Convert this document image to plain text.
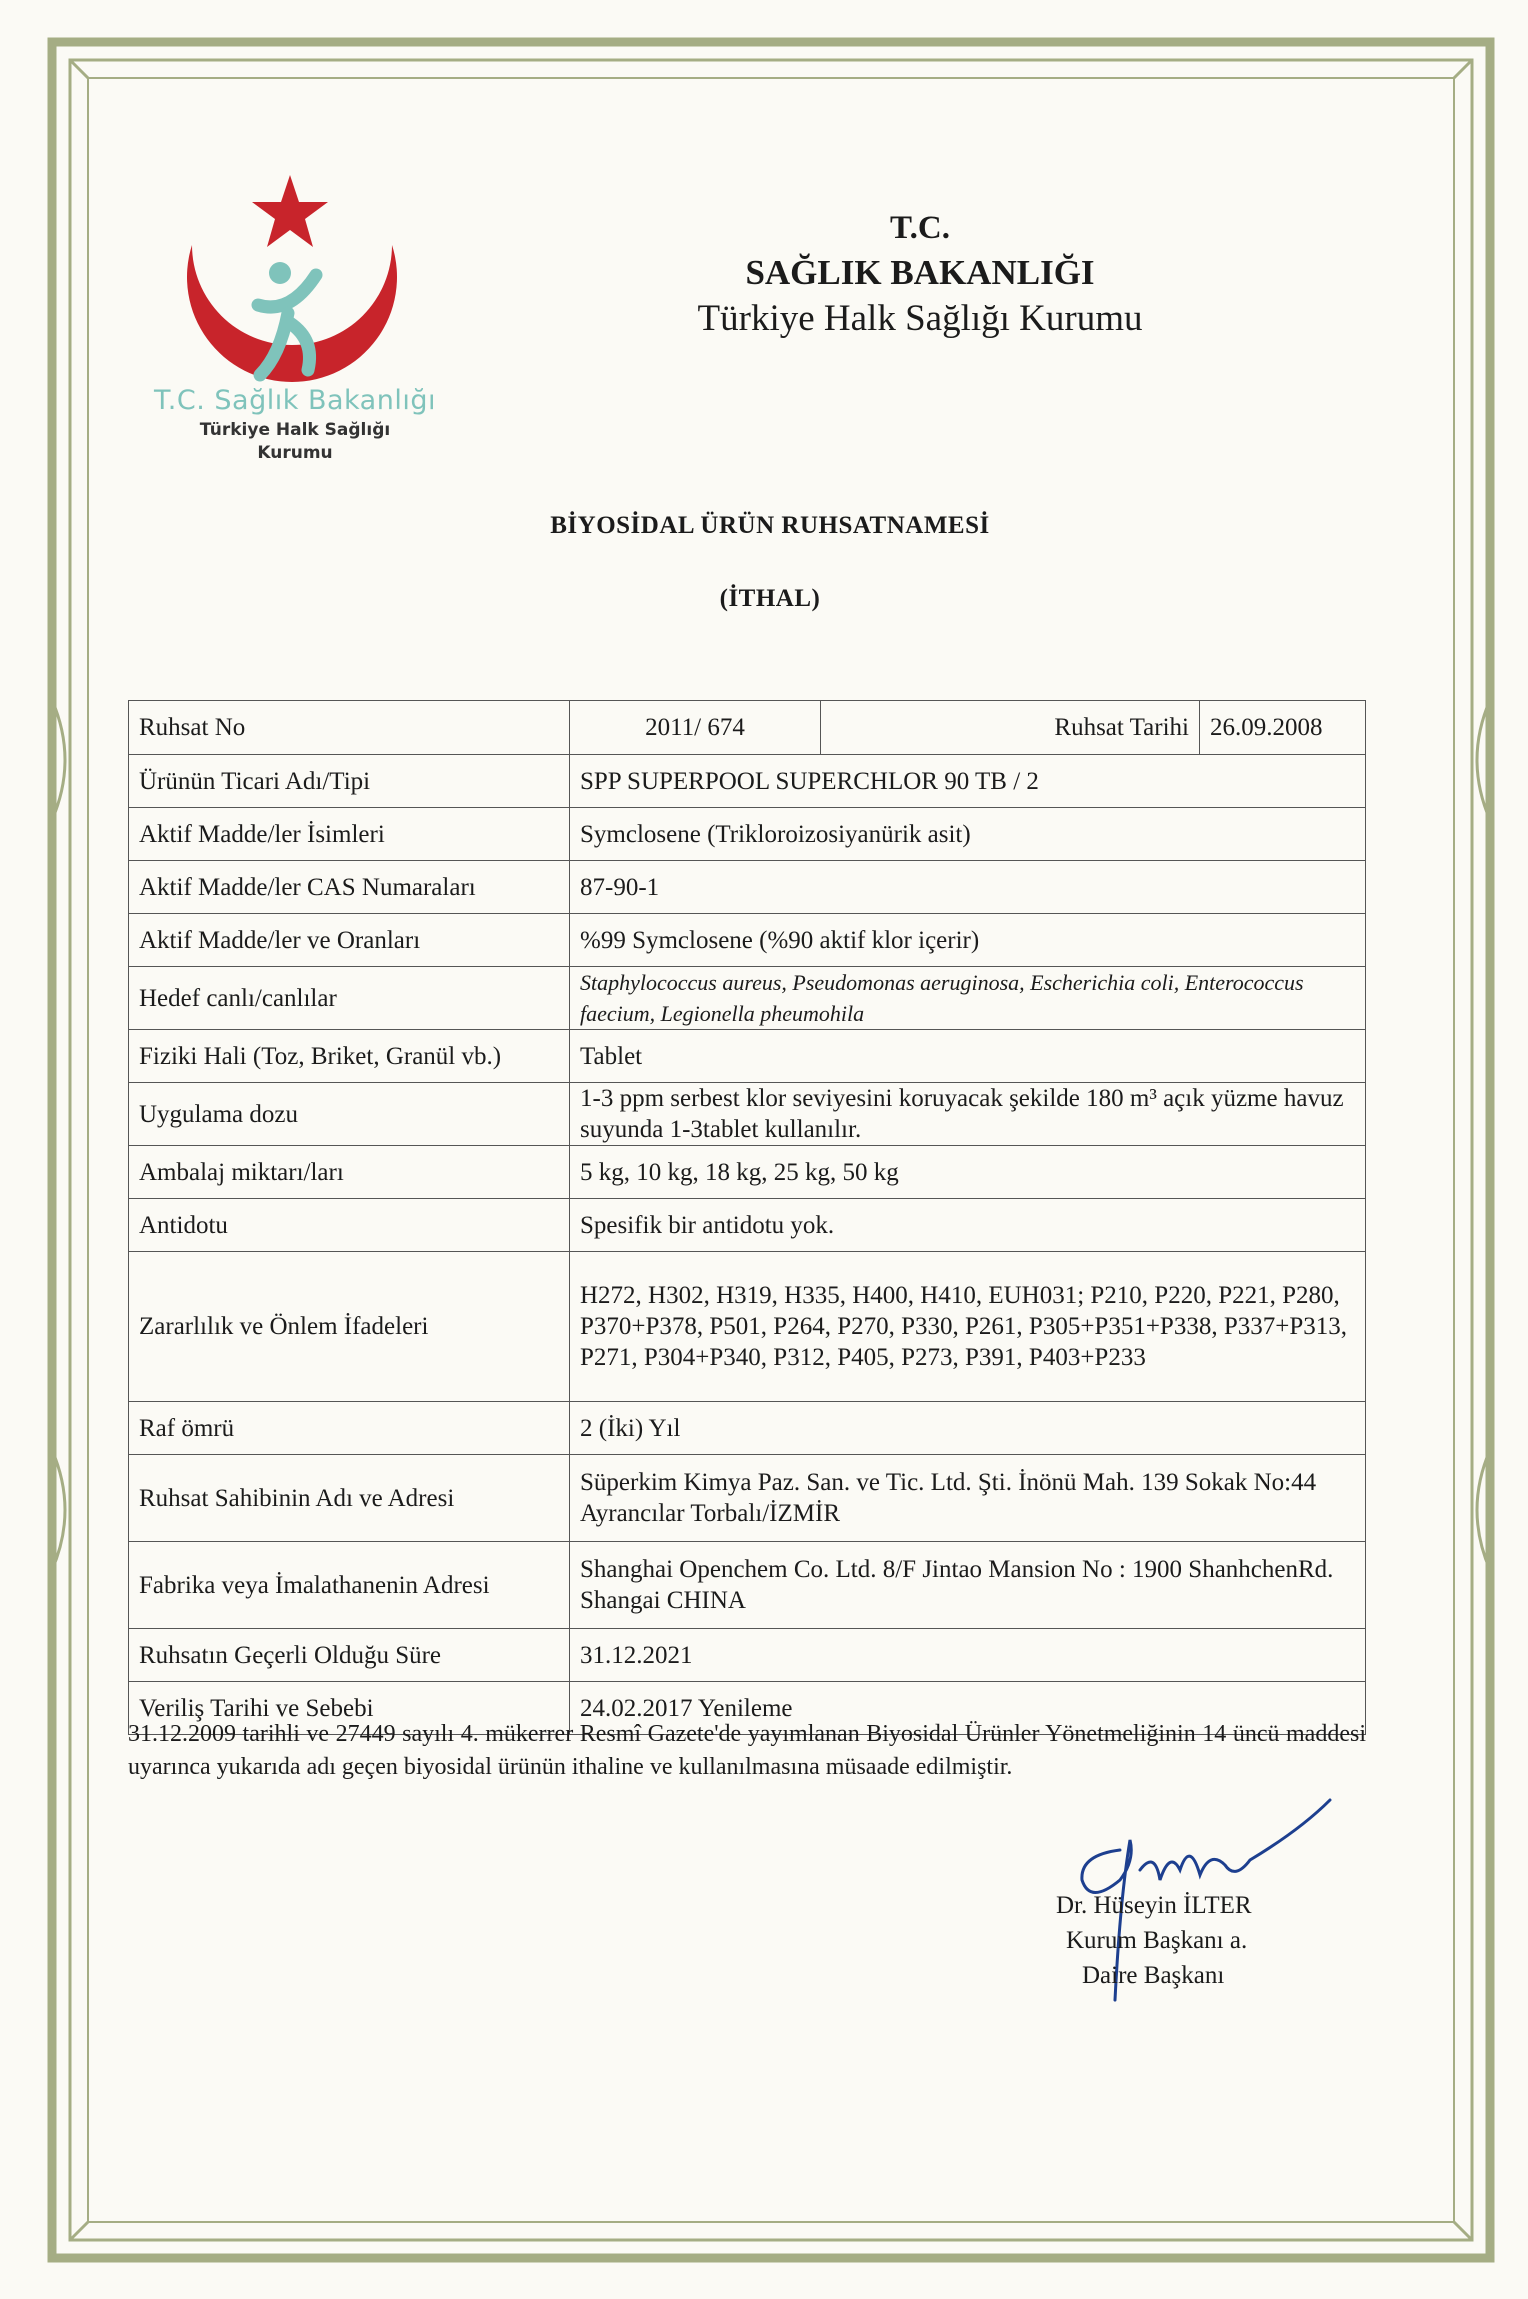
T.C. Sağlık Bakanlığı
Türkiye Halk Sağlığı
Kurumu
T.C.
SAĞLIK BAKANLIĞI
Türkiye Halk Sağlığı Kurumu
BİYOSİDAL ÜRÜN RUHSATNAMESİ
(İTHAL)
Ruhsat No	2011/ 674 Ruhsat Tarihi 26.09.2008

Ürünün Ticari Adı/Tipi	SPP SUPERPOOL SUPERCHLOR 90 TB / 2
Aktif Madde/ler İsimleri	Symclosene (Trikloroizosiyanürik asit)
Aktif Madde/ler CAS Numaraları	87-90-1
Aktif Madde/ler ve Oranları	%99 Symclosene (%90 aktif klor içerir)
Hedef canlı/canlılar	Staphylococcus aureus, Pseudomonas aeruginosa, Escherichia coli, Enterococcus faecium, Legionella pheumohila
Fiziki Hali (Toz, Briket, Granül vb.)	Tablet
Uygulama dozu	1-3 ppm serbest klor seviyesini koruyacak şekilde 180 m³ açık yüzme havuz suyunda 1-3tablet kullanılır.
Ambalaj miktarı/ları	5 kg, 10 kg, 18 kg, 25 kg, 50 kg
Antidotu	Spesifik bir antidotu yok.
Zararlılık ve Önlem İfadeleri	H272, H302, H319, H335, H400, H410, EUH031; P210, P220, P221, P280, P370+P378, P501, P264, P270, P330, P261, P305+P351+P338, P337+P313, P271, P304+P340, P312, P405, P273, P391, P403+P233
Raf ömrü	2 (İki) Yıl
Ruhsat Sahibinin Adı ve Adresi	Süperkim Kimya Paz. San. ve Tic. Ltd. Şti. İnönü Mah. 139 Sokak No:44 Ayrancılar Torbalı/İZMİR
Fabrika veya İmalathanenin Adresi	Shanghai Openchem Co. Ltd. 8/F Jintao Mansion No : 1900 ShanhchenRd. Shangai CHINA
Ruhsatın Geçerli Olduğu Süre	31.12.2021
Veriliş Tarihi ve Sebebi	24.02.2017 Yenileme
31.12.2009 tarihli ve 27449 sayılı 4. mükerrer Resmî Gazete'de yayımlanan Biyosidal Ürünler Yönetmeliğinin 14 üncü maddesi uyarınca yukarıda adı geçen biyosidal ürünün ithaline ve kullanılmasına müsaade edilmiştir.
Dr. Hüseyin İLTER
Kurum Başkanı a.
Daire Başkanı
